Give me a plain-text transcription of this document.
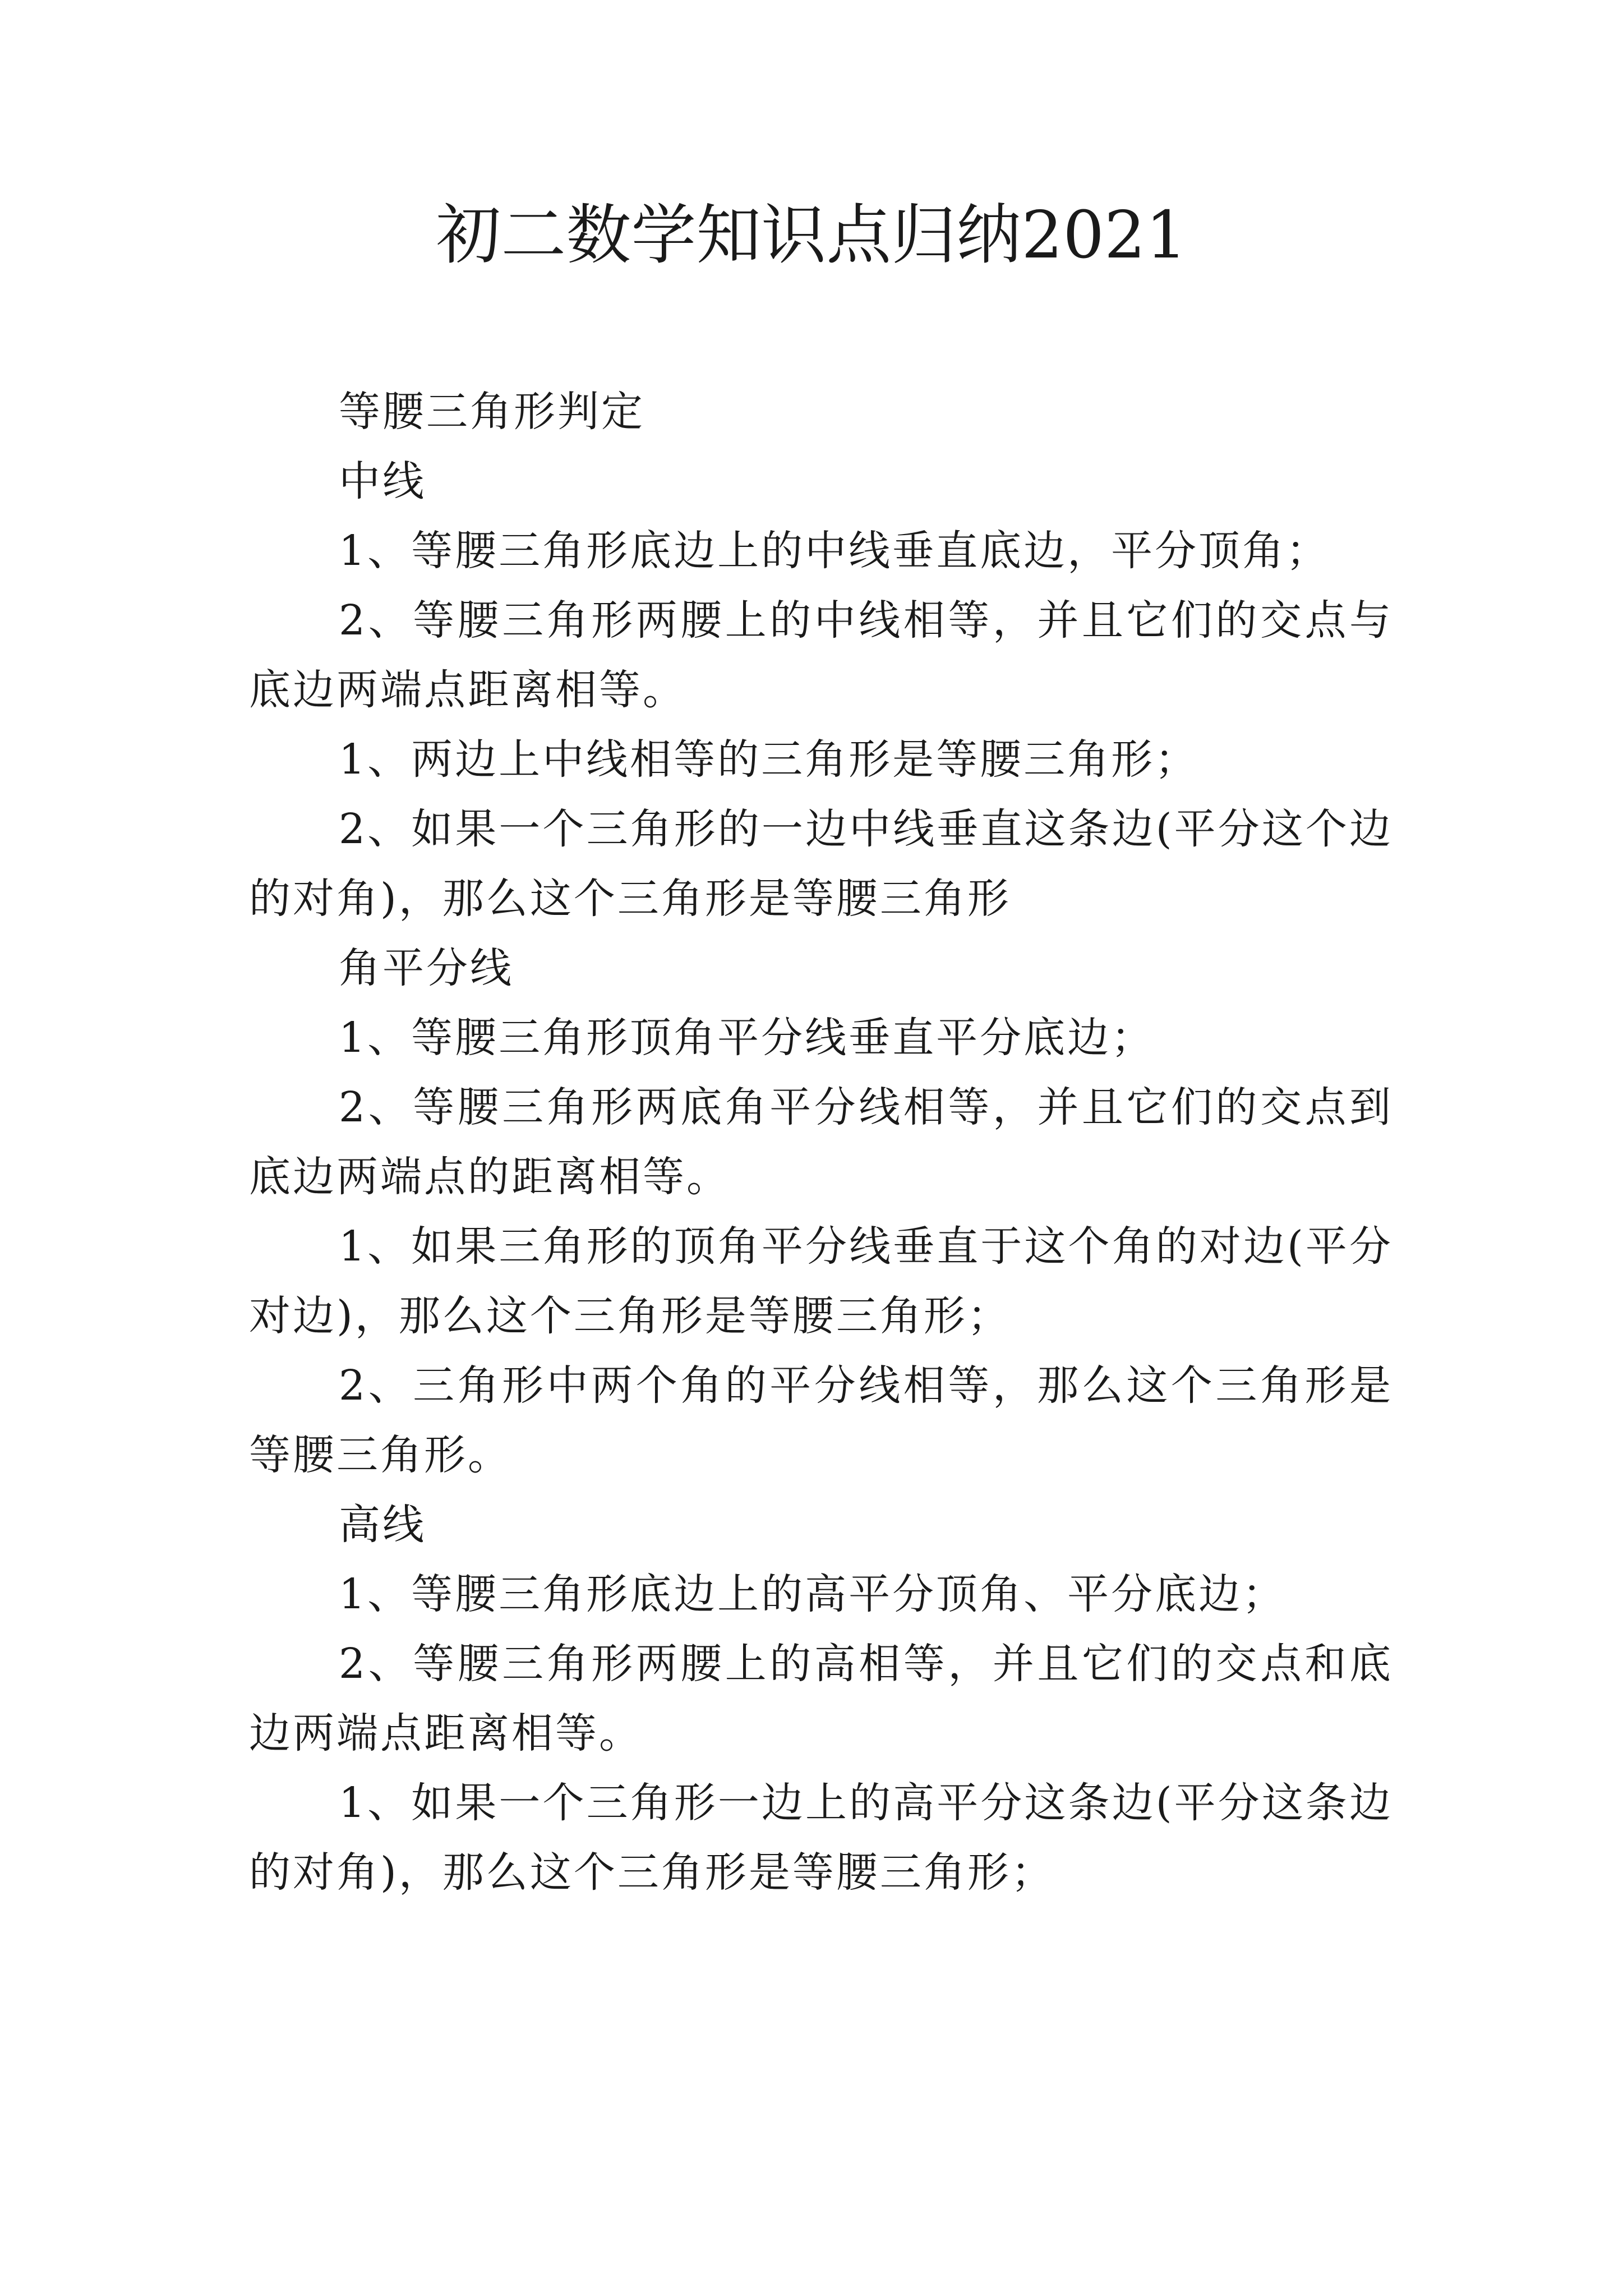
初二数学知识点归纳2021

等腰三角形判定

中线

1、等腰三角形底边上的中线垂直底边，平分顶角；

2、等腰三角形两腰上的中线相等，并且它们的交点与底边两端点距离相等。

1、两边上中线相等的三角形是等腰三角形；

2、如果一个三角形的一边中线垂直这条边(平分这个边的对角)，那么这个三角形是等腰三角形

角平分线

1、等腰三角形顶角平分线垂直平分底边；

2、等腰三角形两底角平分线相等，并且它们的交点到底边两端点的距离相等。

1、如果三角形的顶角平分线垂直于这个角的对边(平分对边)，那么这个三角形是等腰三角形；

2、三角形中两个角的平分线相等，那么这个三角形是等腰三角形。

高线

1、等腰三角形底边上的高平分顶角、平分底边；

2、等腰三角形两腰上的高相等，并且它们的交点和底边两端点距离相等。

1、如果一个三角形一边上的高平分这条边(平分这条边的对角)，那么这个三角形是等腰三角形；
